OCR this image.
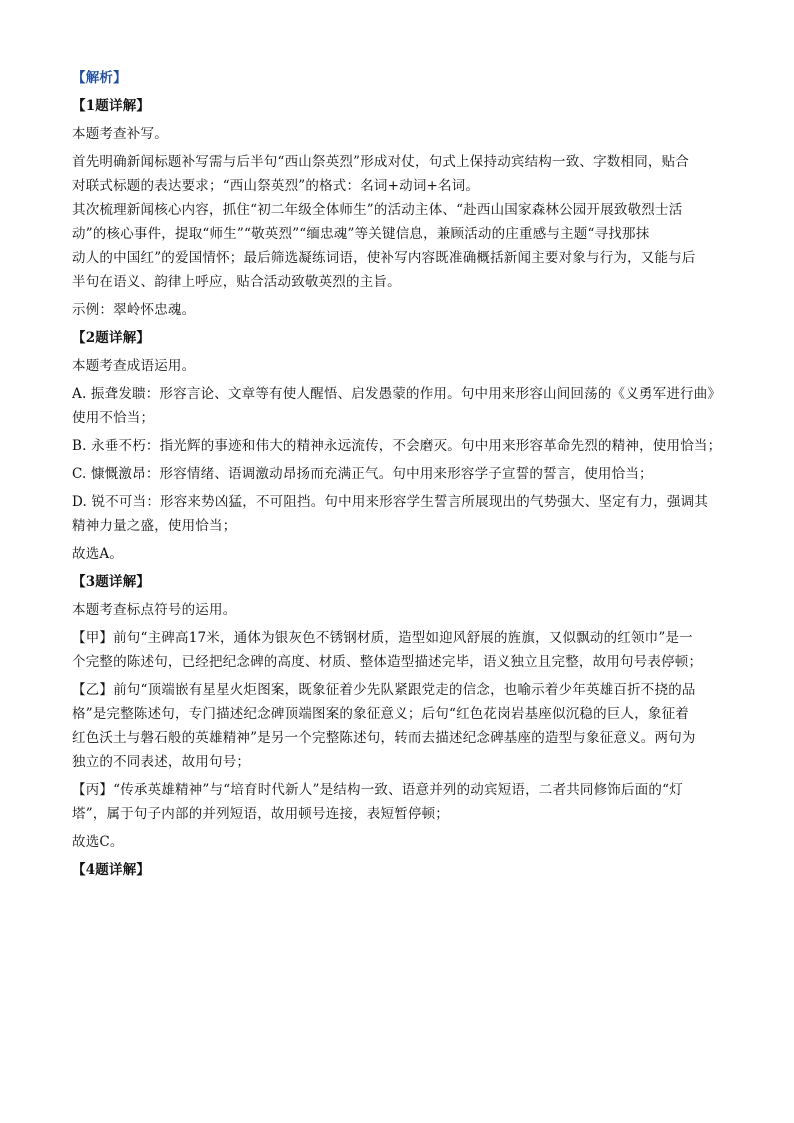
【解析】
【1题详解】
本题考查补写。
首先明确新闻标题补写需与后半句“西山祭英烈”形成对仗，句式上保持动宾结构一致、字数相同，贴合
对联式标题的表达要求；“西山祭英烈”的格式：名词+动词+名词。
其次梳理新闻核心内容，抓住“初二年级全体师生”的活动主体、“赴西山国家森林公园开展致敬烈士活
动”的核心事件，提取“师生”“敬英烈”“缅忠魂”等关键信息，兼顾活动的庄重感与主题“寻找那抹
动人的中国红”的爱国情怀；最后筛选凝练词语，使补写内容既准确概括新闻主要对象与行为，又能与后
半句在语义、韵律上呼应，贴合活动致敬英烈的主旨。
示例：翠岭怀忠魂。
【2题详解】
本题考查成语运用。
A. 振聋发聩：形容言论、文章等有使人醒悟、启发愚蒙的作用。句中用来形容山间回荡的《义勇军进行曲》
使用不恰当；
B. 永垂不朽：指光辉的事迹和伟大的精神永远流传，不会磨灭。句中用来形容革命先烈的精神，使用恰当；
C. 慷慨激昂：形容情绪、语调激动昂扬而充满正气。句中用来形容学子宣誓的誓言，使用恰当；
D. 锐不可当：形容来势凶猛，不可阻挡。句中用来形容学生誓言所展现出的气势强大、坚定有力，强调其
精神力量之盛，使用恰当；
故选A。
【3题详解】
本题考查标点符号的运用。
【甲】前句“主碑高17米，通体为银灰色不锈钢材质，造型如迎风舒展的旌旗，又似飘动的红领巾”是一
个完整的陈述句，已经把纪念碑的高度、材质、整体造型描述完毕，语义独立且完整，故用句号表停顿；
【乙】前句“顶端嵌有星星火炬图案，既象征着少先队紧跟党走的信念，也喻示着少年英雄百折不挠的品
格”是完整陈述句，专门描述纪念碑顶端图案的象征意义；后句“红色花岗岩基座似沉稳的巨人，象征着
红色沃土与磐石般的英雄精神”是另一个完整陈述句，转而去描述纪念碑基座的造型与象征意义。两句为
独立的不同表述，故用句号；
【丙】“传承英雄精神”与“培育时代新人”是结构一致、语意并列的动宾短语，二者共同修饰后面的“灯
塔”，属于句子内部的并列短语，故用顿号连接，表短暂停顿；
故选C。
【4题详解】
